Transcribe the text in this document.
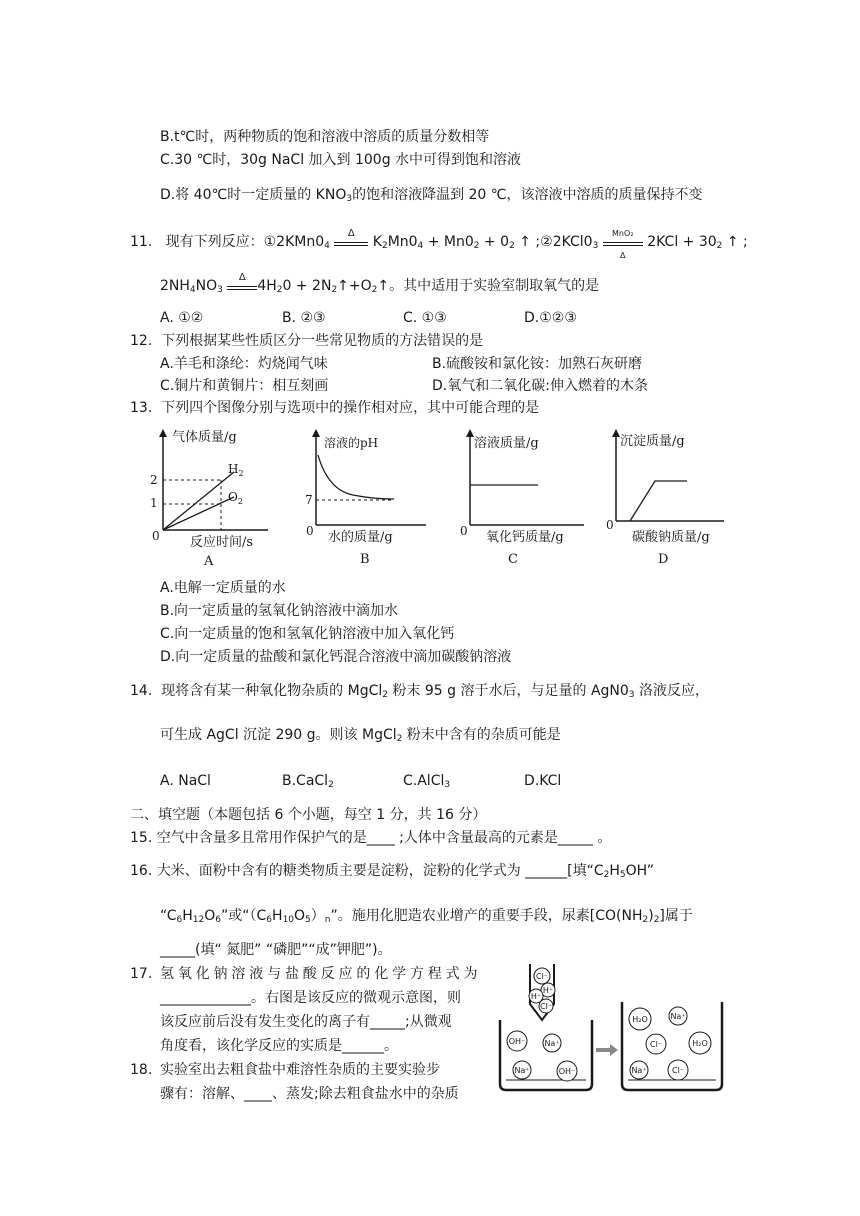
B.t℃时，两种物质的饱和溶液中溶质的质量分数相等
C.30 ℃时，30g NaCl 加入到 100g 水中可得到饱和溶液
D.将 40℃时一定质量的 $KNO_3$的饱和溶液降温到 20 ℃，该溶液中溶质的质量保持不变
11. 现有下列反应：$①2KMn0_4$
Δ
$K_2Mn0_4 + Mn0_2 + 0_2$ ↑ ;②2KCl03
MnO₂
Δ
$2KCl + 30_2$ ↑ ;
$2NH_4NO_3$
Δ
$4H_20$ + $2N_2↑+O_2↑$。其中适用于实验室制取氧气的是
A. ①②	B. ②③	C. ①③	D.①②③
12. 下列根据某些性质区分一些常见物质的方法错误的是
A.羊毛和涤纶：灼烧闻气味	B.硫酸铵和氯化铵：加熟石灰研磨
C.铜片和黄铜片：相互刻画	D.氧气和二氧化碳:伸入燃着的木条
13. 下列四个图像分别与选项中的操作相对应，其中可能合理的是
气体质量/g
2
1
0
$H_2$
$O_2$
反应时间/s
A
溶液的pH
7
0 水的质量/g
B
溶液质量/g
0 氧化钙质量/g
C
沉淀质量/g
0
碳酸钠质量/g
D
A.电解一定质量的水
B.向一定质量的氢氧化钠溶液中滴加水
C.向一定质量的饱和氢氧化钠溶液中加入氧化钙
D.向一定质量的盐酸和氯化钙混合溶液中滴加碳酸钠溶液
14. 现将含有某一种氧化物杂质的 MgCl$_2$ 粉末 95 g 溶于水后，与足量的 $AgN0_3$ 洛液反应，
可生成 AgCl 沉淀 290 g。则该 MgCl$_2$ 粉末中含有的杂质可能是
A. NaCl	B.CaCl$_2$	C.AlCl$_3$	D.KCl
二、填空题（本题包括 6 个小题，每空 1 分，共 16 分）
15. 空气中含量多且常用作保护气的是____ ;人体中含量最高的元素是_____ 。
16. 大米、面粉中含有的糖类物质主要是淀粉，淀粉的化学式为 ______[填“$C_2H_5OH$”
“$C_6H_{12}O_6$”或“$(C_6H_{10}O_5)_n$”。施用化肥造农业增产的重要手段，尿素$[CO(NH_2)_2]$属于
_____(填“ 氮肥” “磷肥”“成”钾肥”)。
17. 氢 氧 化 钠 溶 液 与 盐 酸 反 应 的 化 学 方 程 式 为
_____________。右图是该反应的微观示意图，则
该反应前后没有发生变化的离子有_____;从微观
角度看，该化学反应的实质是______。
18. 实验室出去粗食盐中难溶性杂质的主要实验步
骤有：溶解、____、蒸发;除去粗食盐水中的杂质
Cl⁻
H⁺
H⁺
Cl⁻
OH⁻ Na⁺
Na⁺	OH⁻
H₂O	Na⁺
Cl⁻	H₂O
Na⁺	Cl⁻
